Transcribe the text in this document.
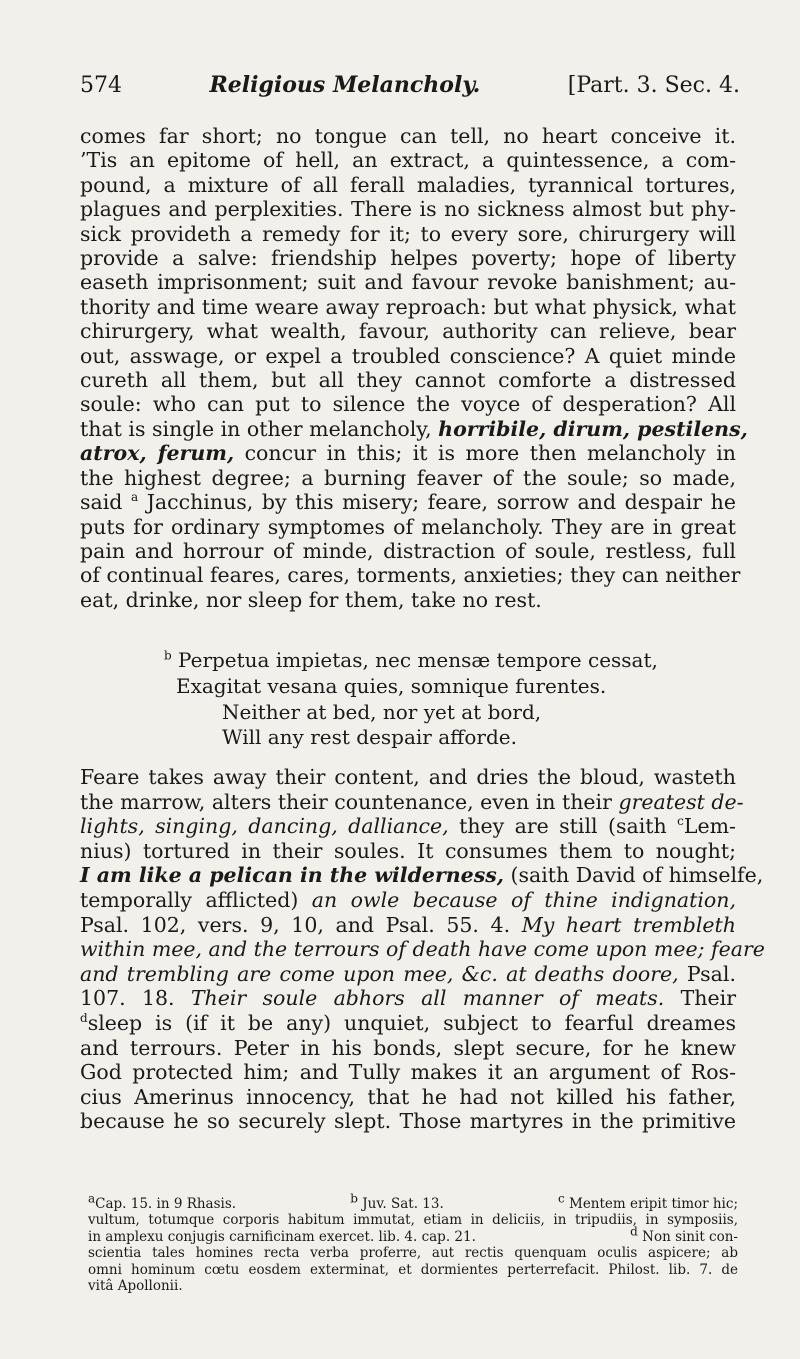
574	Religious Melancholy.	[Part. 3. Sec. 4.
comes far short; no tongue can tell, no heart conceive it.
’Tis an epitome of hell, an extract, a quintessence, a com-
pound, a mixture of all ferall maladies, tyrannical tortures,
plagues and perplexities. There is no sickness almost but phy-
sick provideth a remedy for it; to every sore, chirurgery will
provide a salve: friendship helpes poverty; hope of liberty
easeth imprisonment; suit and favour revoke banishment; au-
thority and time weare away reproach: but what physick, what
chirurgery, what wealth, favour, authority can relieve, bear
out, asswage, or expel a troubled conscience? A quiet minde
cureth all them, but all they cannot comforte a distressed
soule: who can put to silence the voyce of desperation? All
that is single in other melancholy, horribile, dirum, pestilens,
atrox, ferum, concur in this; it is more then melancholy in
the highest degree; a burning feaver of the soule; so made,
said $^a$ Jacchinus, by this misery; feare, sorrow and despair he
puts for ordinary symptomes of melancholy. They are in great
pain and horrour of minde, distraction of soule, restless, full
of continual feares, cares, torments, anxieties; they can neither
eat, drinke, nor sleep for them, take no rest.
$^b$ Perpetua impietas, nec mensæ tempore cessat,
Exagitat vesana quies, somnique furentes.
Neither at bed, nor yet at bord,
Will any rest despair afforde.
Feare takes away their content, and dries the bloud, wasteth
the marrow, alters their countenance, even in their greatest de-
lights, singing, dancing, dalliance, they are still (saith $^c$Lem-
nius) tortured in their soules. It consumes them to nought;
I am like a pelican in the wilderness, (saith David of himselfe,
temporally afflicted) an owle because of thine indignation,
Psal. 102, vers. 9, 10, and Psal. 55. 4. My heart trembleth
within mee, and the terrours of death have come upon mee; feare
and trembling are come upon mee, &c. at deaths doore, Psal.
107. 18. Their soule abhors all manner of meats. Their
$^d$sleep is (if it be any) unquiet, subject to fearful dreames
and terrours. Peter in his bonds, slept secure, for he knew
God protected him; and Tully makes it an argument of Ros-
cius Amerinus innocency, that he had not killed his father,
because he so securely slept. Those martyres in the primitive
$^a$Cap. 15. in 9 Rhasis.	$^b$ Juv. Sat. 13.	$^c$ Mentem eripit timor hic;
vultum, totumque corporis habitum immutat, etiam in deliciis, in tripudiis, in symposiis,
in amplexu conjugis carnificinam exercet. lib. 4. cap. 21.	$^d$ Non sinit con-
scientia tales homines recta verba proferre, aut rectis quenquam oculis aspicere; ab
omni hominum cœtu eosdem exterminat, et dormientes perterrefacit. Philost. lib. 7. de
vitâ Apollonii.
